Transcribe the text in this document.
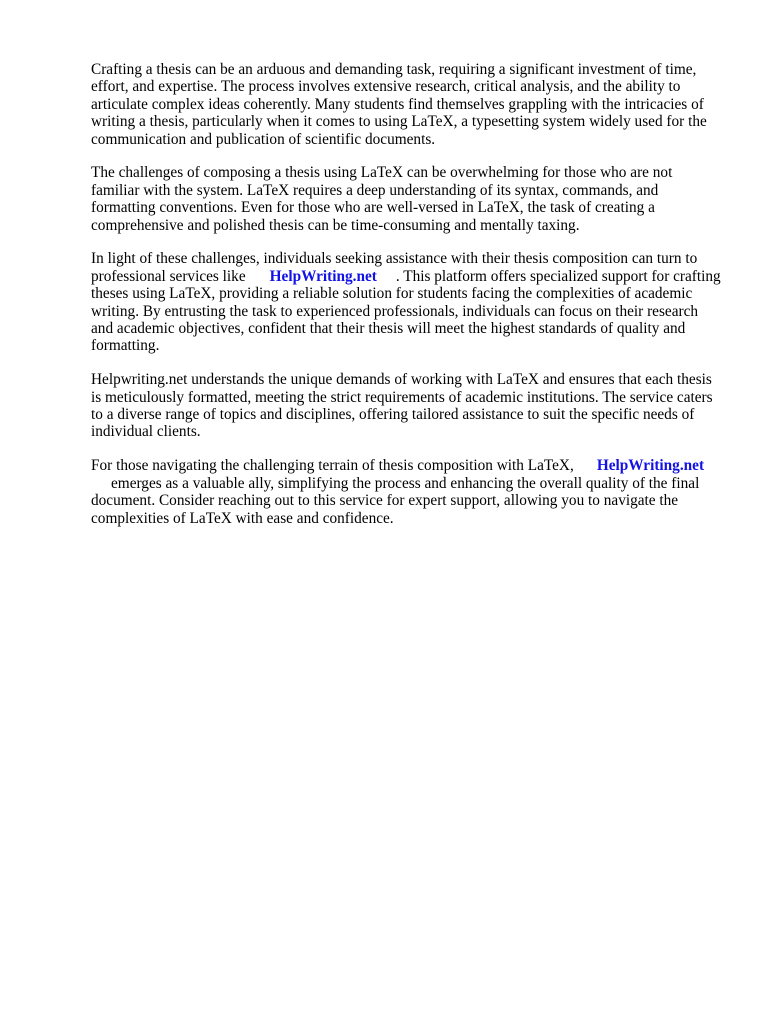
Crafting a thesis can be an arduous and demanding task, requiring a significant investment of time, effort, and expertise. The process involves extensive research, critical analysis, and the ability to articulate complex ideas coherently. Many students find themselves grappling with the intricacies of writing a thesis, particularly when it comes to using LaTeX, a typesetting system widely used for the communication and publication of scientific documents.

The challenges of composing a thesis using LaTeX can be overwhelming for those who are not familiar with the system. LaTeX requires a deep understanding of its syntax, commands, and formatting conventions. Even for those who are well-versed in LaTeX, the task of creating a comprehensive and polished thesis can be time-consuming and mentally taxing.

In light of these challenges, individuals seeking assistance with their thesis composition can turn to professional services like HelpWriting.net . This platform offers specialized support for crafting theses using LaTeX, providing a reliable solution for students facing the complexities of academic writing. By entrusting the task to experienced professionals, individuals can focus on their research and academic objectives, confident that their thesis will meet the highest standards of quality and formatting.

Helpwriting.net understands the unique demands of working with LaTeX and ensures that each thesis is meticulously formatted, meeting the strict requirements of academic institutions. The service caters to a diverse range of topics and disciplines, offering tailored assistance to suit the specific needs of individual clients.

For those navigating the challenging terrain of thesis composition with LaTeX, HelpWriting.net
emerges as a valuable ally, simplifying the process and enhancing the overall quality of the final document. Consider reaching out to this service for expert support, allowing you to navigate the complexities of LaTeX with ease and confidence.
